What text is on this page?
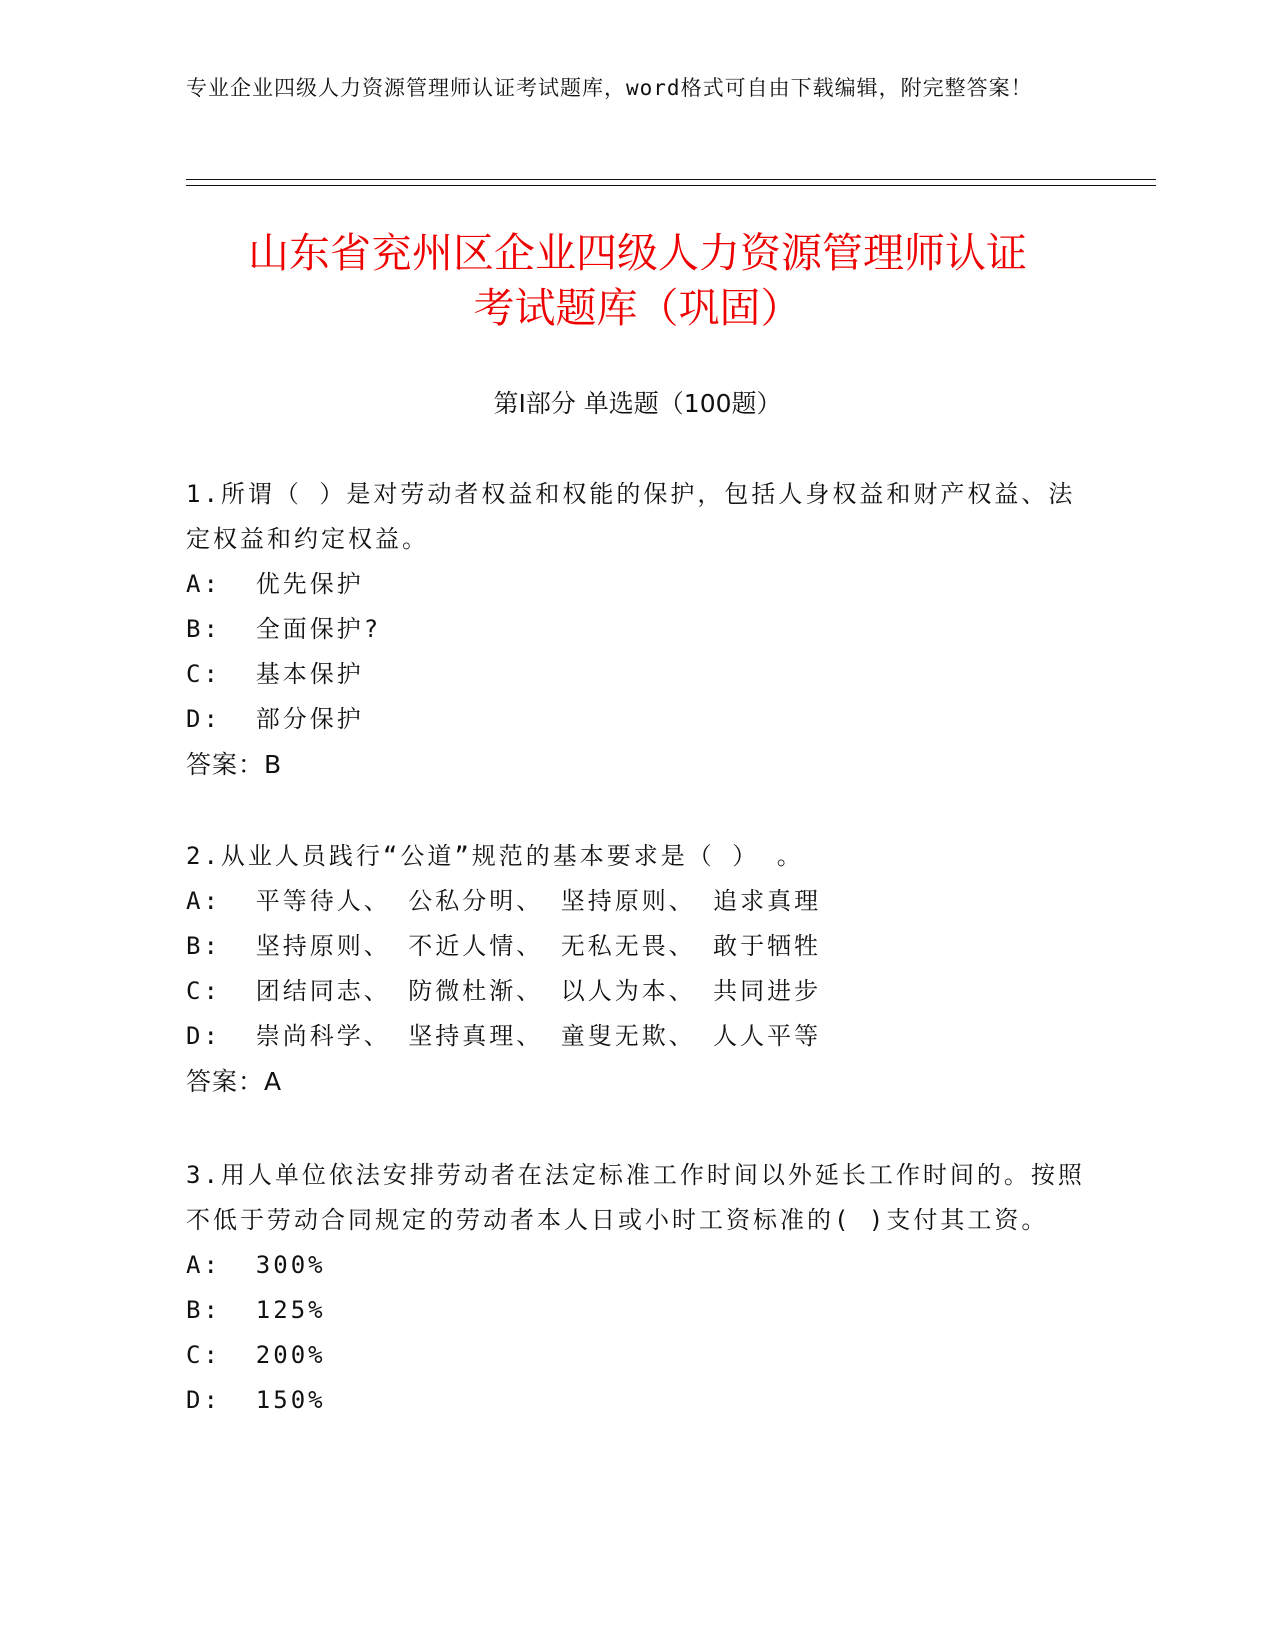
专业企业四级人力资源管理师认证考试题库，word格式可自由下载编辑，附完整答案！
山东省兖州区企业四级人力资源管理师认证
考试题库（巩固）
第Ⅰ部分 单选题（100题）

1.所谓（ ）是对劳动者权益和权能的保护，包括人身权益和财产权益、法定权益和约定权益。

A:  优先保护

B:  全面保护?

C:  基本保护

D:  部分保护

答案：B

2.从业人员践行“公道”规范的基本要求是（ ） 。

A:  平等待人、 公私分明、 坚持原则、 追求真理

B:  坚持原则、 不近人情、 无私无畏、 敢于牺牲

C:  团结同志、 防微杜渐、 以人为本、 共同进步

D:  崇尚科学、 坚持真理、 童叟无欺、 人人平等

答案：A

3.用人单位依法安排劳动者在法定标准工作时间以外延长工作时间的。按照不低于劳动合同规定的劳动者本人日或小时工资标准的( )支付其工资。

A:  300%

B:  125%

C:  200%

D:  150%
